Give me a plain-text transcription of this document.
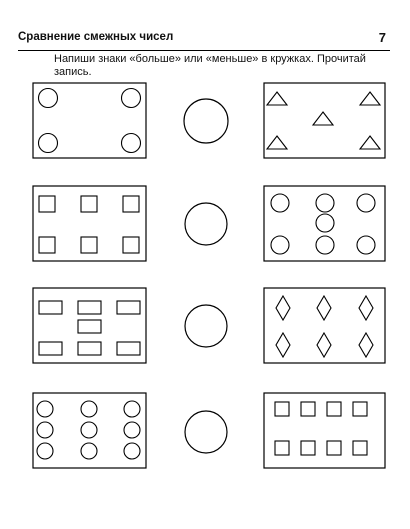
Сравнение смежных чисел	7
Напиши знаки «больше» или «меньше» в кружках. Прочитай запись.
